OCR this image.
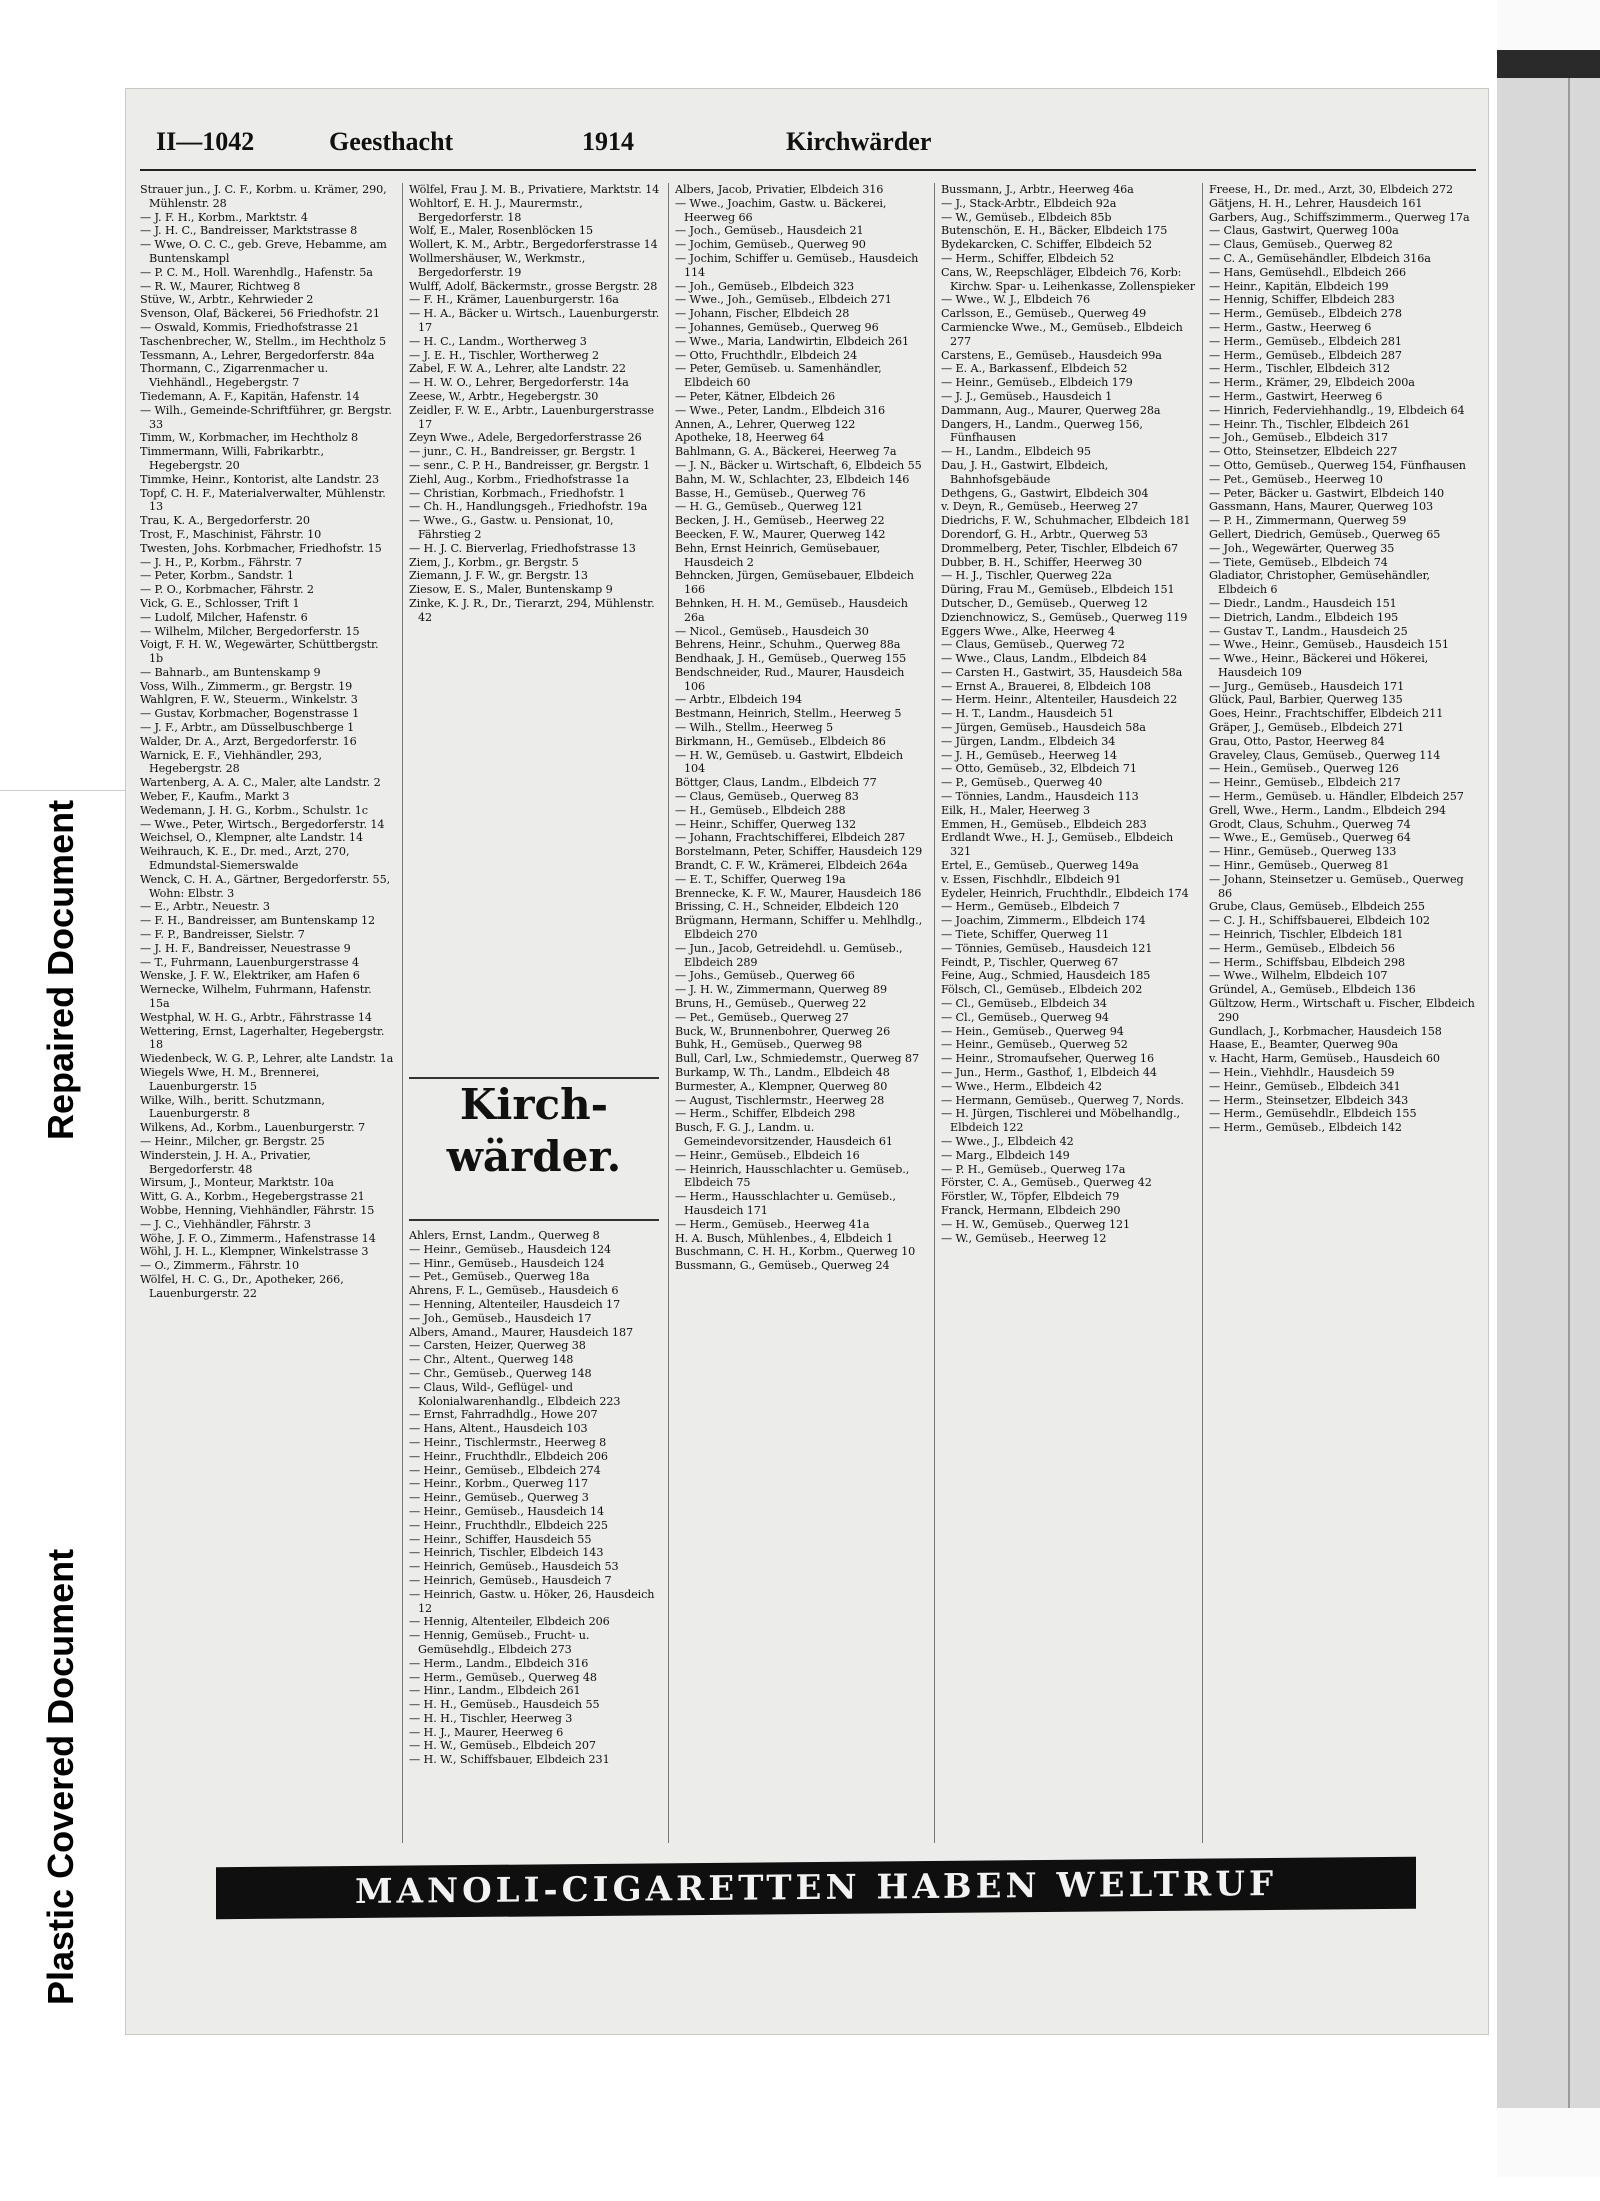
Repaired Document
Plastic Covered Document
II—1042	Geesthacht	1914	Kirchwärder

Strauer jun., J. C. F., Korbm. u. Krämer, 290, Mühlenstr. 28

— J. F. H., Korbm., Marktstr. 4

— J. H. C., Bandreisser, Marktstrasse 8

— Wwe, O. C. C., geb. Greve, Hebamme, am Buntenskampl

— P. C. M., Holl. Warenhdlg., Hafenstr. 5a

— R. W., Maurer, Richtweg 8

Stüve, W., Arbtr., Kehrwieder 2

Svenson, Olaf, Bäckerei, 56 Friedhofstr. 21

— Oswald, Kommis, Friedhofstrasse 21

Taschenbrecher, W., Stellm., im Hechtholz 5

Tessmann, A., Lehrer, Bergedorferstr. 84a

Thormann, C., Zigarrenmacher u. Viehhändl., Hegebergstr. 7

Tiedemann, A. F., Kapitän, Hafenstr. 14

— Wilh., Gemeinde-Schriftführer, gr. Bergstr. 33

Timm, W., Korbmacher, im Hechtholz 8

Timmermann, Willi, Fabrikarbtr., Hegebergstr. 20

Timmke, Heinr., Kontorist, alte Landstr. 23

Topf, C. H. F., Materialverwalter, Mühlenstr. 13

Trau, K. A., Bergedorferstr. 20

Trost, F., Maschinist, Fährstr. 10

Twesten, Johs. Korbmacher, Friedhofstr. 15

— J. H., P., Korbm., Fährstr. 7

— Peter, Korbm., Sandstr. 1

— P. O., Korbmacher, Fährstr. 2

Vick, G. E., Schlosser, Trift 1

— Ludolf, Milcher, Hafenstr. 6

— Wilhelm, Milcher, Bergedorferstr. 15

Voigt, F. H. W., Wegewärter, Schüttbergstr. 1b

— Bahnarb., am Buntenskamp 9

Voss, Wilh., Zimmerm., gr. Bergstr. 19

Wahlgren, F. W., Steuerm., Winkelstr. 3

— Gustav, Korbmacher, Bogenstrasse 1

— J. F., Arbtr., am Düsselbuschberge 1

Walder, Dr. A., Arzt, Bergedorferstr. 16

Warnick, E. F., Viehhändler, 293, Hegebergstr. 28

Wartenberg, A. A. C., Maler, alte Landstr. 2

Weber, F., Kaufm., Markt 3

Wedemann, J. H. G., Korbm., Schulstr. 1c

— Wwe., Peter, Wirtsch., Bergedorferstr. 14

Weichsel, O., Klempner, alte Landstr. 14

Weihrauch, K. E., Dr. med., Arzt, 270, Edmundstal-Siemerswalde

Wenck, C. H. A., Gärtner, Bergedorferstr. 55, Wohn: Elbstr. 3

— E., Arbtr., Neuestr. 3

— F. H., Bandreisser, am Buntenskamp 12

— F. P., Bandreisser, Sielstr. 7

— J. H. F., Bandreisser, Neuestrasse 9

— T., Fuhrmann, Lauenburgerstrasse 4

Wenske, J. F. W., Elektriker, am Hafen 6

Wernecke, Wilhelm, Fuhrmann, Hafenstr. 15a

Westphal, W. H. G., Arbtr., Fährstrasse 14

Wettering, Ernst, Lagerhalter, Hegebergstr. 18

Wiedenbeck, W. G. P., Lehrer, alte Landstr. 1a

Wiegels Wwe, H. M., Brennerei, Lauenburgerstr. 15

Wilke, Wilh., beritt. Schutzmann, Lauenburgerstr. 8

Wilkens, Ad., Korbm., Lauenburgerstr. 7

— Heinr., Milcher, gr. Bergstr. 25

Winderstein, J. H. A., Privatier, Bergedorferstr. 48

Wirsum, J., Monteur, Marktstr. 10a

Witt, G. A., Korbm., Hegebergstrasse 21

Wobbe, Henning, Viehhändler, Fährstr. 15

— J. C., Viehhändler, Fährstr. 3

Wöhe, J. F. O., Zimmerm., Hafenstrasse 14

Wöhl, J. H. L., Klempner, Winkelstrasse 3

— O., Zimmerm., Fährstr. 10

Wölfel, H. C. G., Dr., Apotheker, 266, Lauenburgerstr. 22

Wölfel, Frau J. M. B., Privatiere, Marktstr. 14

Wohltorf, E. H. J., Maurermstr., Bergedorferstr. 18

Wolf, E., Maler, Rosenblöcken 15

Wollert, K. M., Arbtr., Bergedorferstrasse 14

Wollmershäuser, W., Werkmstr., Bergedorferstr. 19

Wulff, Adolf, Bäckermstr., grosse Bergstr. 28

— F. H., Krämer, Lauenburgerstr. 16a

— H. A., Bäcker u. Wirtsch., Lauenburgerstr. 17

— H. C., Landm., Wortherweg 3

— J. E. H., Tischler, Wortherweg 2

Zabel, F. W. A., Lehrer, alte Landstr. 22

— H. W. O., Lehrer, Bergedorferstr. 14a

Zeese, W., Arbtr., Hegebergstr. 30

Zeidler, F. W. E., Arbtr., Lauenburgerstrasse 17

Zeyn Wwe., Adele, Bergedorferstrasse 26

— junr., C. H., Bandreisser, gr. Bergstr. 1

— senr., C. P. H., Bandreisser, gr. Bergstr. 1

Ziehl, Aug., Korbm., Friedhofstrasse 1a

— Christian, Korbmach., Friedhofstr. 1

— Ch. H., Handlungsgeh., Friedhofstr. 19a

— Wwe., G., Gastw. u. Pensionat, 10, Fährstieg 2

— H. J. C. Bierverlag, Friedhofstrasse 13

Ziem, J., Korbm., gr. Bergstr. 5

Ziemann, J. F. W., gr. Bergstr. 13

Ziesow, E. S., Maler, Buntenskamp 9

Zinke, K. J. R., Dr., Tierarzt, 294, Mühlenstr. 42

Kirch-
wärder.

Ahlers, Ernst, Landm., Querweg 8

— Heinr., Gemüseb., Hausdeich 124

— Hinr., Gemüseb., Hausdeich 124

— Pet., Gemüseb., Querweg 18a

Ahrens, F. L., Gemüseb., Hausdeich 6

— Henning, Altenteiler, Hausdeich 17

— Joh., Gemüseb., Hausdeich 17

Albers, Amand., Maurer, Hausdeich 187

— Carsten, Heizer, Querweg 38

— Chr., Altent., Querweg 148

— Chr., Gemüseb., Querweg 148

— Claus, Wild-, Geflügel- und Kolonialwarenhandlg., Elbdeich 223

— Ernst, Fahrradhdlg., Howe 207

— Hans, Altent., Hausdeich 103

— Heinr., Tischlermstr., Heerweg 8

— Heinr., Fruchthdlr., Elbdeich 206

— Heinr., Gemüseb., Elbdeich 274

— Heinr., Korbm., Querweg 117

— Heinr., Gemüseb., Querweg 3

— Heinr., Gemüseb., Hausdeich 14

— Heinr., Fruchthdlr., Elbdeich 225

— Heinr., Schiffer, Hausdeich 55

— Heinrich, Tischler, Elbdeich 143

— Heinrich, Gemüseb., Hausdeich 53

— Heinrich, Gemüseb., Hausdeich 7

— Heinrich, Gastw. u. Höker, 26, Hausdeich 12

— Hennig, Altenteiler, Elbdeich 206

— Hennig, Gemüseb., Frucht- u. Gemüsehdlg., Elbdeich 273

— Herm., Landm., Elbdeich 316

— Herm., Gemüseb., Querweg 48

— Hinr., Landm., Elbdeich 261

— H. H., Gemüseb., Hausdeich 55

— H. H., Tischler, Heerweg 3

— H. J., Maurer, Heerweg 6

— H. W., Gemüseb., Elbdeich 207

— H. W., Schiffsbauer, Elbdeich 231

Albers, Jacob, Privatier, Elbdeich 316

— Wwe., Joachim, Gastw. u. Bäckerei, Heerweg 66

— Joch., Gemüseb., Hausdeich 21

— Jochim, Gemüseb., Querweg 90

— Jochim, Schiffer u. Gemüseb., Hausdeich 114

— Joh., Gemüseb., Elbdeich 323

— Wwe., Joh., Gemüseb., Elbdeich 271

— Johann, Fischer, Elbdeich 28

— Johannes, Gemüseb., Querweg 96

— Wwe., Maria, Landwirtin, Elbdeich 261

— Otto, Fruchthdlr., Elbdeich 24

— Peter, Gemüseb. u. Samenhändler, Elbdeich 60

— Peter, Kätner, Elbdeich 26

— Wwe., Peter, Landm., Elbdeich 316

Annen, A., Lehrer, Querweg 122

Apotheke, 18, Heerweg 64

Bahlmann, G. A., Bäckerei, Heerweg 7a

— J. N., Bäcker u. Wirtschaft, 6, Elbdeich 55

Bahn, M. W., Schlachter, 23, Elbdeich 146

Basse, H., Gemüseb., Querweg 76

— H. G., Gemüseb., Querweg 121

Becken, J. H., Gemüseb., Heerweg 22

Beecken, F. W., Maurer, Querweg 142

Behn, Ernst Heinrich, Gemüsebauer, Hausdeich 2

Behncken, Jürgen, Gemüsebauer, Elbdeich 166

Behnken, H. H. M., Gemüseb., Hausdeich 26a

— Nicol., Gemüseb., Hausdeich 30

Behrens, Heinr., Schuhm., Querweg 88a

Bendhaak, J. H., Gemüseb., Querweg 155

Bendschneider, Rud., Maurer, Hausdeich 106

— Arbtr., Elbdeich 194

Bestmann, Heinrich, Stellm., Heerweg 5

— Wilh., Stellm., Heerweg 5

Birkmann, H., Gemüseb., Elbdeich 86

— H. W., Gemüseb. u. Gastwirt, Elbdeich 104

Böttger, Claus, Landm., Elbdeich 77

— Claus, Gemüseb., Querweg 83

— H., Gemüseb., Elbdeich 288

— Heinr., Schiffer, Querweg 132

— Johann, Frachtschifferei, Elbdeich 287

Borstelmann, Peter, Schiffer, Hausdeich 129

Brandt, C. F. W., Krämerei, Elbdeich 264a

— E. T., Schiffer, Querweg 19a

Brennecke, K. F. W., Maurer, Hausdeich 186

Brissing, C. H., Schneider, Elbdeich 120

Brügmann, Hermann, Schiffer u. Mehlhdlg., Elbdeich 270

— Jun., Jacob, Getreidehdl. u. Gemüseb., Elbdeich 289

— Johs., Gemüseb., Querweg 66

— J. H. W., Zimmermann, Querweg 89

Bruns, H., Gemüseb., Querweg 22

— Pet., Gemüseb., Querweg 27

Buck, W., Brunnenbohrer, Querweg 26

Buhk, H., Gemüseb., Querweg 98

Bull, Carl, Lw., Schmiedemstr., Querweg 87

Burkamp, W. Th., Landm., Elbdeich 48

Burmester, A., Klempner, Querweg 80

— August, Tischlermstr., Heerweg 28

— Herm., Schiffer, Elbdeich 298

Busch, F. G. J., Landm. u. Gemeindevorsitzender, Hausdeich 61

— Heinr., Gemüseb., Elbdeich 16

— Heinrich, Hausschlachter u. Gemüseb., Elbdeich 75

— Herm., Hausschlachter u. Gemüseb., Hausdeich 171

— Herm., Gemüseb., Heerweg 41a

H. A. Busch, Mühlenbes., 4, Elbdeich 1

Buschmann, C. H. H., Korbm., Querweg 10

Bussmann, G., Gemüseb., Querweg 24

Bussmann, J., Arbtr., Heerweg 46a

— J., Stack-Arbtr., Elbdeich 92a

— W., Gemüseb., Elbdeich 85b

Butenschön, E. H., Bäcker, Elbdeich 175

Bydekarcken, C. Schiffer, Elbdeich 52

— Herm., Schiffer, Elbdeich 52

Cans, W., Reepschläger, Elbdeich 76, Korb: Kirchw. Spar- u. Leihenkasse, Zollenspieker

— Wwe., W. J., Elbdeich 76

Carlsson, E., Gemüseb., Querweg 49

Carmiencke Wwe., M., Gemüseb., Elbdeich 277

Carstens, E., Gemüseb., Hausdeich 99a

— E. A., Barkassenf., Elbdeich 52

— Heinr., Gemüseb., Elbdeich 179

— J. J., Gemüseb., Hausdeich 1

Dammann, Aug., Maurer, Querweg 28a

Dangers, H., Landm., Querweg 156, Fünfhausen

— H., Landm., Elbdeich 95

Dau, J. H., Gastwirt, Elbdeich, Bahnhofsgebäude

Dethgens, G., Gastwirt, Elbdeich 304

v. Deyn, R., Gemüseb., Heerweg 27

Diedrichs, F. W., Schuhmacher, Elbdeich 181

Dorendorf, G. H., Arbtr., Querweg 53

Drommelberg, Peter, Tischler, Elbdeich 67

Dubber, B. H., Schiffer, Heerweg 30

— H. J., Tischler, Querweg 22a

Düring, Frau M., Gemüseb., Elbdeich 151

Dutscher, D., Gemüseb., Querweg 12

Dzienchnowicz, S., Gemüseb., Querweg 119

Eggers Wwe., Alke, Heerweg 4

— Claus, Gemüseb., Querweg 72

— Wwe., Claus, Landm., Elbdeich 84

— Carsten H., Gastwirt, 35, Hausdeich 58a

— Ernst A., Brauerei, 8, Elbdeich 108

— Herm. Heinr., Altenteiler, Hausdeich 22

— H. T., Landm., Hausdeich 51

— Jürgen, Gemüseb., Hausdeich 58a

— Jürgen, Landm., Elbdeich 34

— J. H., Gemüseb., Heerweg 14

— Otto, Gemüseb., 32, Elbdeich 71

— P., Gemüseb., Querweg 40

— Tönnies, Landm., Hausdeich 113

Eilk, H., Maler, Heerweg 3

Emmen, H., Gemüseb., Elbdeich 283

Erdlandt Wwe., H. J., Gemüseb., Elbdeich 321

Ertel, E., Gemüseb., Querweg 149a

v. Essen, Fischhdlr., Elbdeich 91

Eydeler, Heinrich, Fruchthdlr., Elbdeich 174

— Herm., Gemüseb., Elbdeich 7

— Joachim, Zimmerm., Elbdeich 174

— Tiete, Schiffer, Querweg 11

— Tönnies, Gemüseb., Hausdeich 121

Feindt, P., Tischler, Querweg 67

Feine, Aug., Schmied, Hausdeich 185

Fölsch, Cl., Gemüseb., Elbdeich 202

— Cl., Gemüseb., Elbdeich 34

— Cl., Gemüseb., Querweg 94

— Hein., Gemüseb., Querweg 94

— Heinr., Gemüseb., Querweg 52

— Heinr., Stromaufseher, Querweg 16

— Jun., Herm., Gasthof, 1, Elbdeich 44

— Wwe., Herm., Elbdeich 42

— Hermann, Gemüseb., Querweg 7, Nords.

— H. Jürgen, Tischlerei und Möbelhandlg., Elbdeich 122

— Wwe., J., Elbdeich 42

— Marg., Elbdeich 149

— P. H., Gemüseb., Querweg 17a

Förster, C. A., Gemüseb., Querweg 42

Förstler, W., Töpfer, Elbdeich 79

Franck, Hermann, Elbdeich 290

— H. W., Gemüseb., Querweg 121

— W., Gemüseb., Heerweg 12

Freese, H., Dr. med., Arzt, 30, Elbdeich 272

Gätjens, H. H., Lehrer, Hausdeich 161

Garbers, Aug., Schiffszimmerm., Querweg 17a

— Claus, Gastwirt, Querweg 100a

— Claus, Gemüseb., Querweg 82

— C. A., Gemüsehändler, Elbdeich 316a

— Hans, Gemüsehdl., Elbdeich 266

— Heinr., Kapitän, Elbdeich 199

— Hennig, Schiffer, Elbdeich 283

— Herm., Gemüseb., Elbdeich 278

— Herm., Gastw., Heerweg 6

— Herm., Gemüseb., Elbdeich 281

— Herm., Gemüseb., Elbdeich 287

— Herm., Tischler, Elbdeich 312

— Herm., Krämer, 29, Elbdeich 200a

— Herm., Gastwirt, Heerweg 6

— Hinrich, Federviehhandlg., 19, Elbdeich 64

— Heinr. Th., Tischler, Elbdeich 261

— Joh., Gemüseb., Elbdeich 317

— Otto, Steinsetzer, Elbdeich 227

— Otto, Gemüseb., Querweg 154, Fünfhausen

— Pet., Gemüseb., Heerweg 10

— Peter, Bäcker u. Gastwirt, Elbdeich 140

Gassmann, Hans, Maurer, Querweg 103

— P. H., Zimmermann, Querweg 59

Gellert, Diedrich, Gemüseb., Querweg 65

— Joh., Wegewärter, Querweg 35

— Tiete, Gemüseb., Elbdeich 74

Gladiator, Christopher, Gemüsehändler, Elbdeich 6

— Diedr., Landm., Hausdeich 151

— Dietrich, Landm., Elbdeich 195

— Gustav T., Landm., Hausdeich 25

— Wwe., Heinr., Gemüseb., Hausdeich 151

— Wwe., Heinr., Bäckerei und Hökerei, Hausdeich 109

— Jurg., Gemüseb., Hausdeich 171

Glück, Paul, Barbier, Querweg 135

Goes, Heinr., Frachtschiffer, Elbdeich 211

Gräper, J., Gemüseb., Elbdeich 271

Grau, Otto, Pastor, Heerweg 84

Graveley, Claus, Gemüseb., Querweg 114

— Hein., Gemüseb., Querweg 126

— Heinr., Gemüseb., Elbdeich 217

— Herm., Gemüseb. u. Händler, Elbdeich 257

Grell, Wwe., Herm., Landm., Elbdeich 294

Grodt, Claus, Schuhm., Querweg 74

— Wwe., E., Gemüseb., Querweg 64

— Hinr., Gemüseb., Querweg 133

— Hinr., Gemüseb., Querweg 81

— Johann, Steinsetzer u. Gemüseb., Querweg 86

Grube, Claus, Gemüseb., Elbdeich 255

— C. J. H., Schiffsbauerei, Elbdeich 102

— Heinrich, Tischler, Elbdeich 181

— Herm., Gemüseb., Elbdeich 56

— Herm., Schiffsbau, Elbdeich 298

— Wwe., Wilhelm, Elbdeich 107

Gründel, A., Gemüseb., Elbdeich 136

Gültzow, Herm., Wirtschaft u. Fischer, Elbdeich 290

Gundlach, J., Korbmacher, Hausdeich 158

Haase, E., Beamter, Querweg 90a

v. Hacht, Harm, Gemüseb., Hausdeich 60

— Hein., Viehhdlr., Hausdeich 59

— Heinr., Gemüseb., Elbdeich 341

— Herm., Steinsetzer, Elbdeich 343

— Herm., Gemüsehdlr., Elbdeich 155

— Herm., Gemüseb., Elbdeich 142

MANOLI-CIGARETTEN HABEN WELTRUF
